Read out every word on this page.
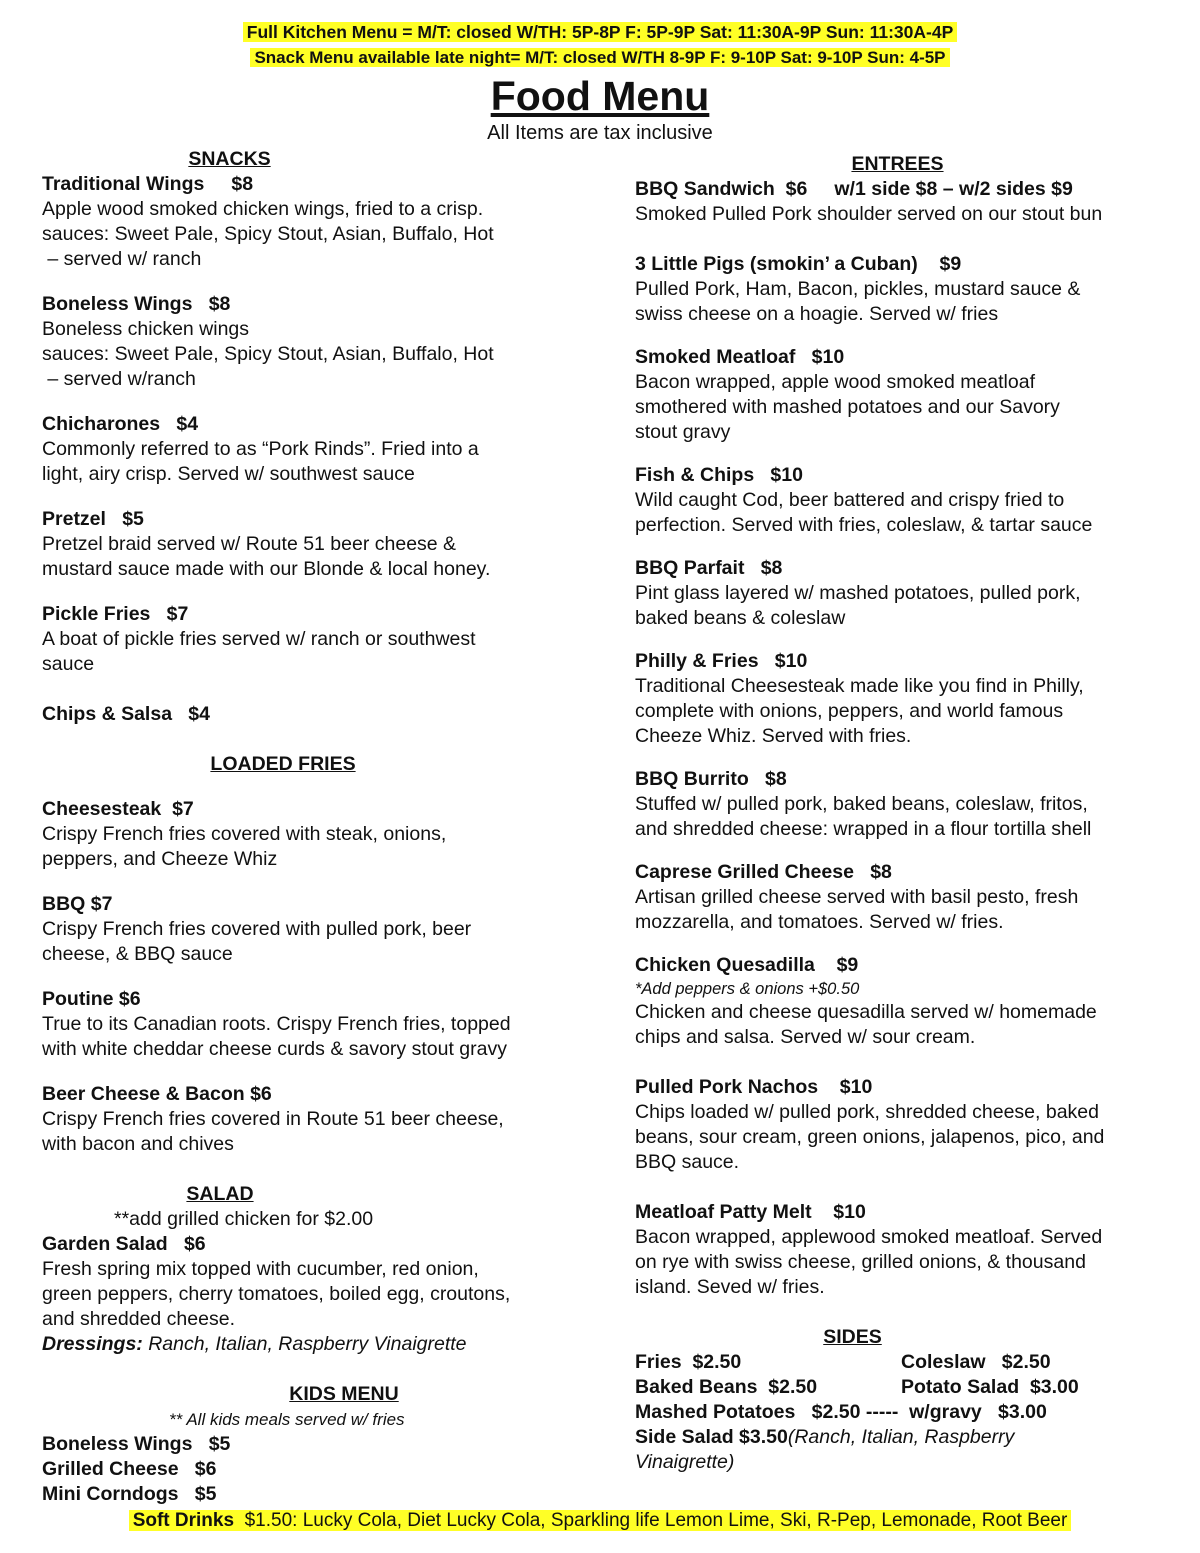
Full Kitchen Menu = M/T: closed W/TH: 5P-8P F: 5P-9P Sat: 11:30A-9P Sun: 11:30A-4P
Snack Menu available late night= M/T: closed W/TH 8-9P F: 9-10P Sat: 9-10P Sun: 4-5P
Food Menu
All Items are tax inclusive
SNACKS
Traditional Wings     $8
Apple wood smoked chicken wings, fried to a crisp.
sauces: Sweet Pale, Spicy Stout, Asian, Buffalo, Hot
– served w/ ranch
Boneless Wings   $8
Boneless chicken wings
sauces: Sweet Pale, Spicy Stout, Asian, Buffalo, Hot
– served w/ranch
Chicharones   $4
Commonly referred to as “Pork Rinds”. Fried into a
light, airy crisp. Served w/ southwest sauce
Pretzel   $5
Pretzel braid served w/ Route 51 beer cheese &
mustard sauce made with our Blonde & local honey.
Pickle Fries   $7
A boat of pickle fries served w/ ranch or southwest
sauce
Chips & Salsa   $4
LOADED FRIES
Cheesesteak  $7
Crispy French fries covered with steak, onions,
peppers, and Cheeze Whiz
BBQ $7
Crispy French fries covered with pulled pork, beer
cheese, & BBQ sauce
Poutine $6
True to its Canadian roots. Crispy French fries, topped
with white cheddar cheese curds & savory stout gravy
Beer Cheese & Bacon $6
Crispy French fries covered in Route 51 beer cheese,
with bacon and chives
SALAD
**add grilled chicken for $2.00
Garden Salad   $6
Fresh spring mix topped with cucumber, red onion,
green peppers, cherry tomatoes, boiled egg, croutons,
and shredded cheese.
Dressings: Ranch, Italian, Raspberry Vinaigrette
KIDS MENU
** All kids meals served w/ fries
Boneless Wings   $5
Grilled Cheese   $6
Mini Corndogs   $5
ENTREES
BBQ Sandwich  $6     w/1 side $8 – w/2 sides $9
Smoked Pulled Pork shoulder served on our stout bun
3 Little Pigs (smokin’ a Cuban)    $9
Pulled Pork, Ham, Bacon, pickles, mustard sauce &
swiss cheese on a hoagie. Served w/ fries
Smoked Meatloaf   $10
Bacon wrapped, apple wood smoked meatloaf
smothered with mashed potatoes and our Savory
stout gravy
Fish & Chips   $10
Wild caught Cod, beer battered and crispy fried to
perfection. Served with fries, coleslaw, & tartar sauce
BBQ Parfait   $8
Pint glass layered w/ mashed potatoes, pulled pork,
baked beans & coleslaw
Philly & Fries   $10
Traditional Cheesesteak made like you find in Philly,
complete with onions, peppers, and world famous
Cheeze Whiz. Served with fries.
BBQ Burrito   $8
Stuffed w/ pulled pork, baked beans, coleslaw, fritos,
and shredded cheese: wrapped in a flour tortilla shell
Caprese Grilled Cheese   $8
Artisan grilled cheese served with basil pesto, fresh
mozzarella, and tomatoes. Served w/ fries.
Chicken Quesadilla    $9
*Add peppers & onions +$0.50
Chicken and cheese quesadilla served w/ homemade
chips and salsa. Served w/ sour cream.
Pulled Pork Nachos    $10
Chips loaded w/ pulled pork, shredded cheese, baked
beans, sour cream, green onions, jalapenos, pico, and
BBQ sauce.
Meatloaf Patty Melt    $10
Bacon wrapped, applewood smoked meatloaf. Served
on rye with swiss cheese, grilled onions, & thousand
island. Seved w/ fries.
SIDES
Fries  $2.50	Coleslaw   $2.50
Baked Beans  $2.50	Potato Salad  $3.00
Mashed Potatoes   $2.50 -----  w/gravy   $3.00
Side Salad $3.50(Ranch, Italian, Raspberry
Vinaigrette)
Soft Drinks  $1.50: Lucky Cola, Diet Lucky Cola, Sparkling life Lemon Lime, Ski, R-Pep, Lemonade, Root Beer
